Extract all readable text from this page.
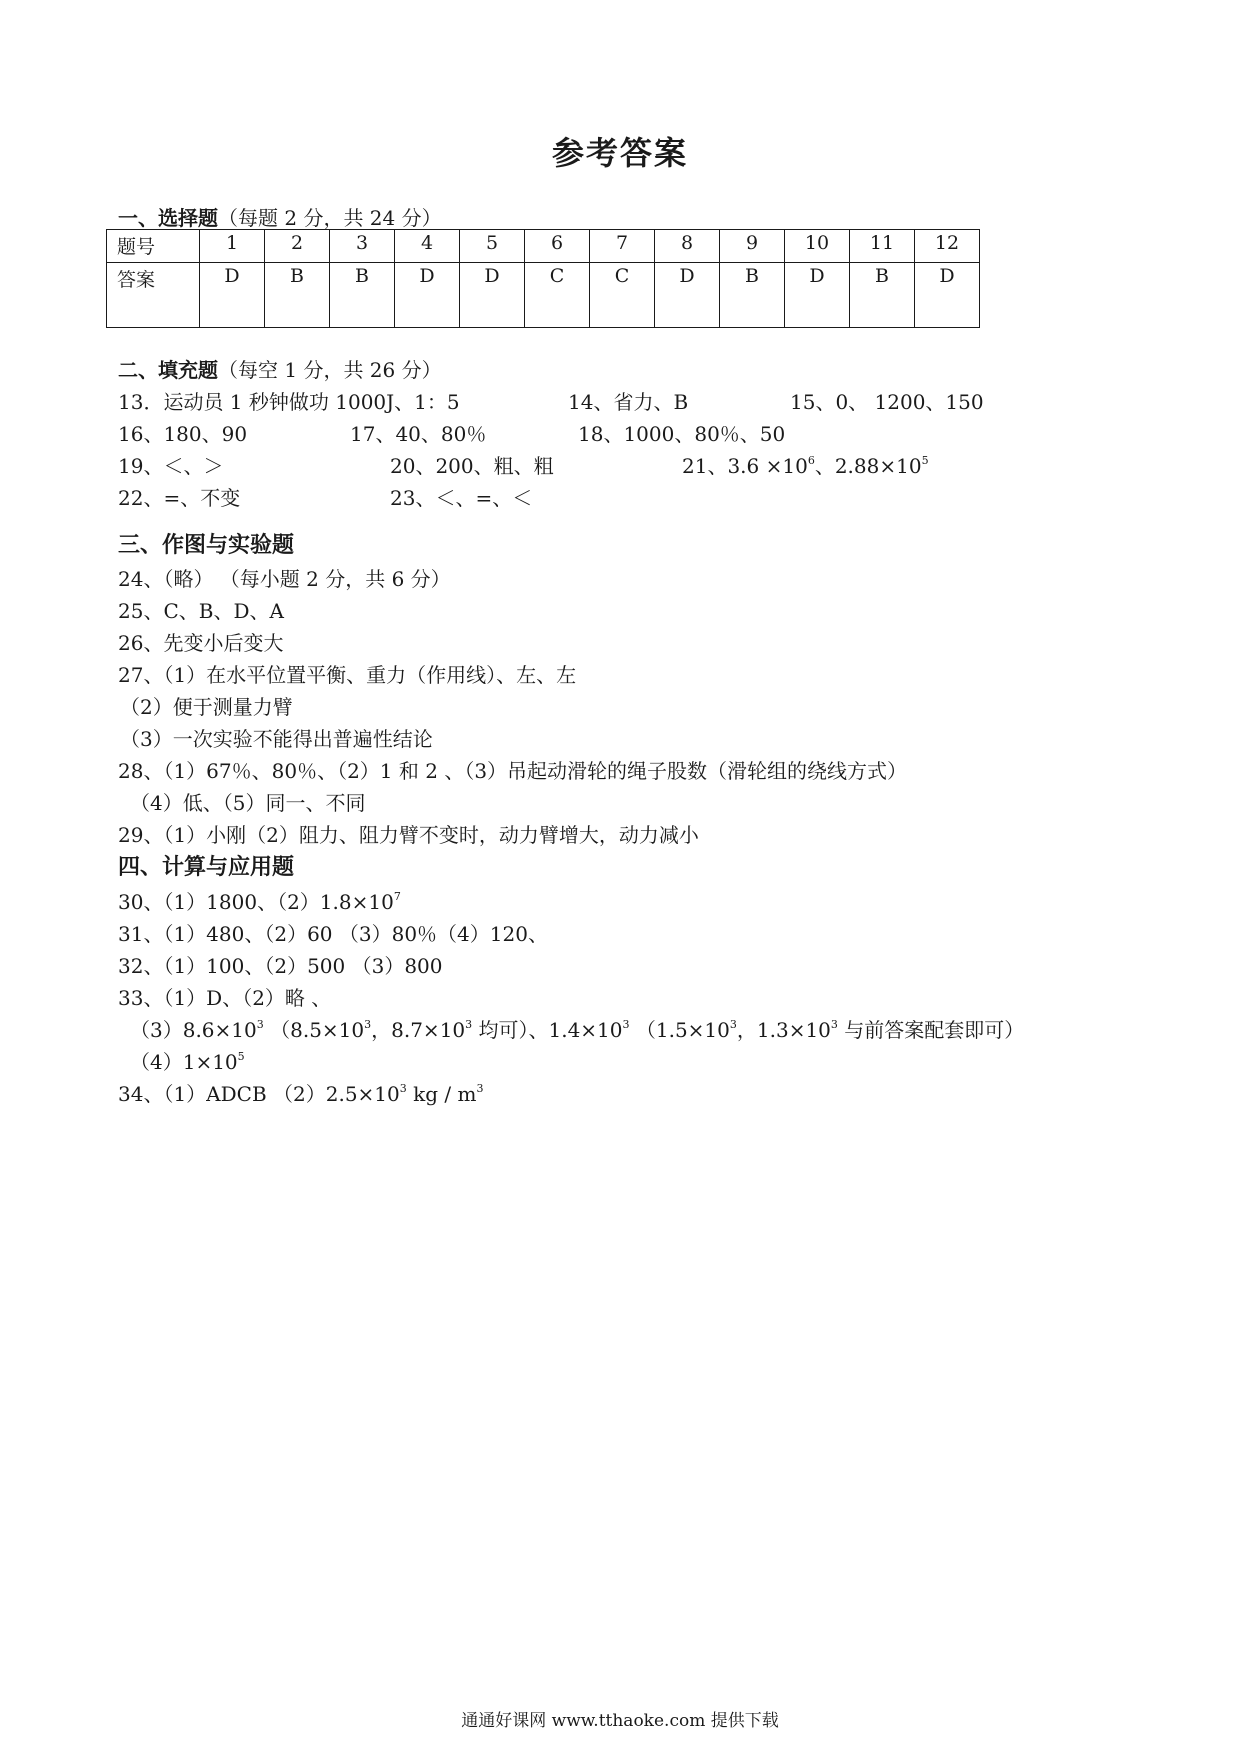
参考答案
一、选择题（每题 2 分，共 24 分）
题号	1	2	3	4	5	6	7	8	9	10	11	12
答案	D	B	B	D	D	C	C	D	B	D	B	D
二、填充题（每空 1 分，共 26 分）
13．运动员 1 秒钟做功 1000J、1：5	14、省力、B	15、0、 1200、150
16、180、90	17、40、80％	18、1000、80％、50
19、＜、＞	20、200、粗、粗	21、$3.6 \times 10^6$、$2.88\times 10^5$
22、=、不变	23、＜、=、＜
三、作图与实验题
24、（略） （每小题 2 分，共 6 分）
25、C、B、D、A
26、先变小后变大
27、（1）在水平位置平衡、重力（作用线）、左、左
（2）便于测量力臂
（3）一次实验不能得出普遍性结论
28、（1）67％、80％、（2）1 和 2 、（3）吊起动滑轮的绳子股数（滑轮组的绕线方式）
（4）低、（5）同一、不同
29、（1）小刚（2）阻力、阻力臂不变时，动力臂增大，动力减小
四、计算与应用题
30、（1）1800、$(2)1.8\times 10^7$
31、（1）480、（2）60 （3）80％（4）120、
32、（1）100、（2）500 （3）800
33、（1）D、（2）略 、
$(3)8.6\times 10^3$ （$8.5\times 10^3$，$8.7\times 10^3$ 均可）、$1.4\times 10^3$ （$1.5\times 10^3$，$1.3\times 10^3$ 与前答案配套即可）
$(4)1\times 10^5$
34、（1）ADCB $(2)2.5\times 10^3$ kg / $m^3$
通通好课网 www.tthaoke.com 提供下载
